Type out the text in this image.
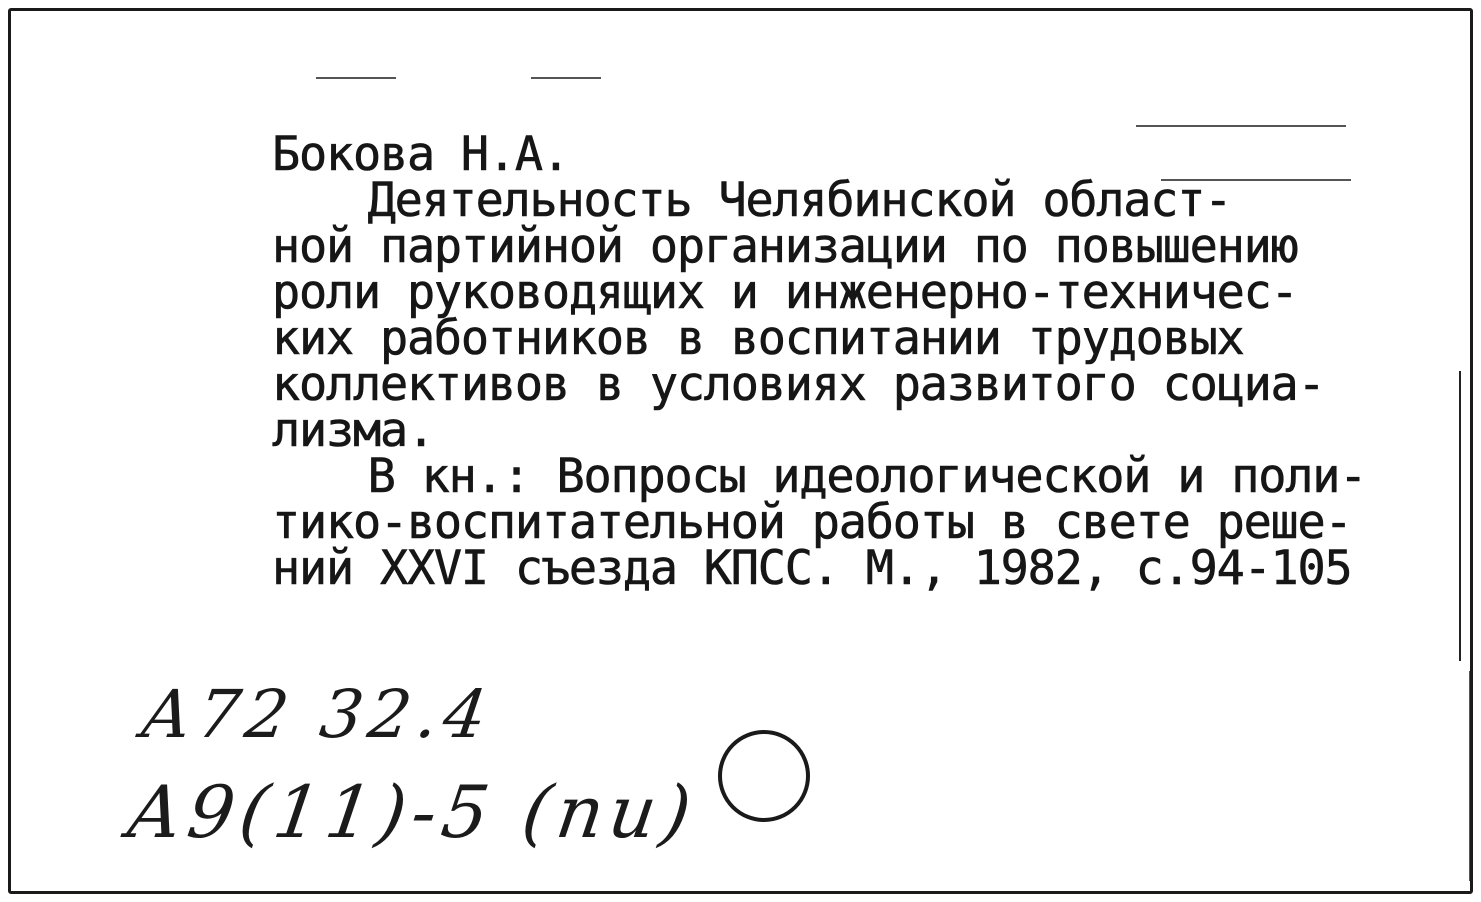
Бокова Н.А.
Деятельность Челябинской област-
ной партийной организации по повышению
роли руководящих и инженерно-техничес-
ких работников в воспитании трудовых
коллективов в условиях развитого социа-
лизма.
В кн.: Вопросы идеологической и поли-
тико-воспитательной работы в свете реше-
ний XXVI съезда КПСС. М., 1982, с.94-105
А72 32.4
А9(11)-5 (пи)
